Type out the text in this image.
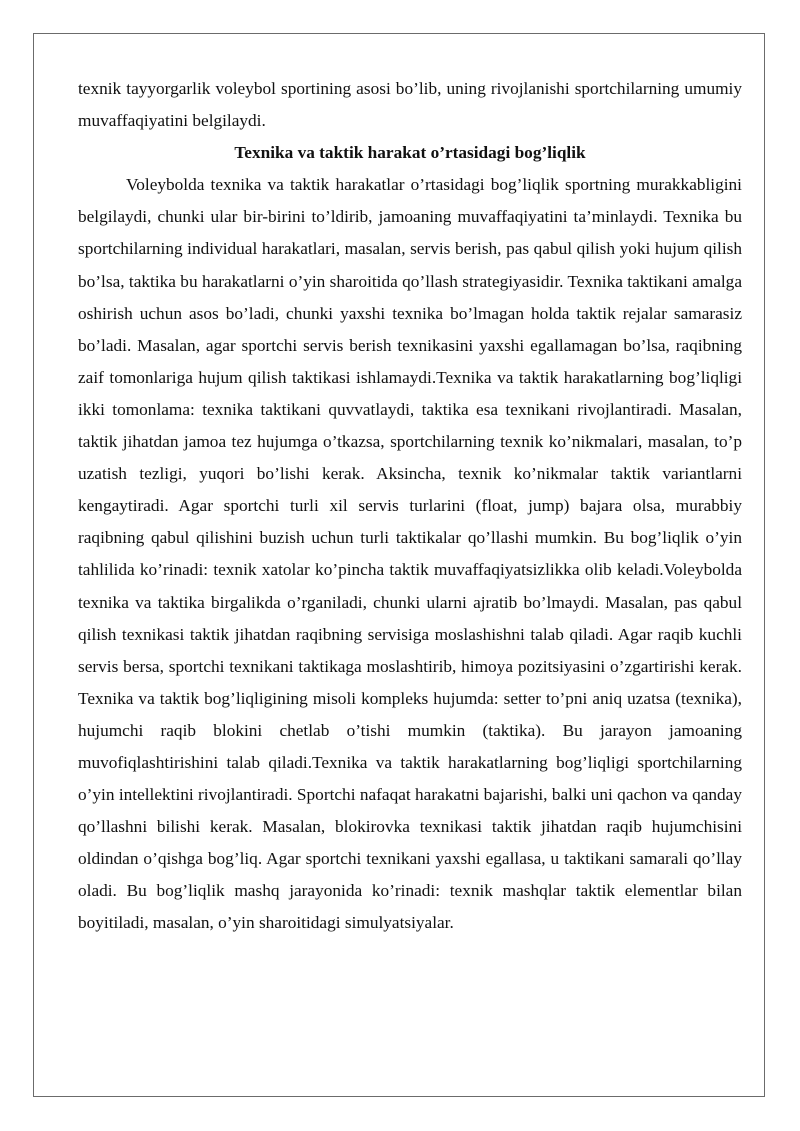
texnik tayyorgarlik voleybol sportining asosi bo’lib, uning rivojlanishi sportchilarning umumiy muvaffaqiyatini belgilaydi.

Texnika va taktik harakat o’rtasidagi bog’liqlik

Voleybolda texnika va taktik harakatlar o’rtasidagi bog’liqlik sportning murakkabligini belgilaydi, chunki ular bir-birini to’ldirib, jamoaning muvaffaqiyatini ta’minlaydi. Texnika bu sportchilarning individual harakatlari, masalan, servis berish, pas qabul qilish yoki hujum qilish bo’lsa, taktika bu harakatlarni o’yin sharoitida qo’llash strategiyasidir. Texnika taktikani amalga oshirish uchun asos bo’ladi, chunki yaxshi texnika bo’lmagan holda taktik rejalar samarasiz bo’ladi. Masalan, agar sportchi servis berish texnikasini yaxshi egallamagan bo’lsa, raqibning zaif tomonlariga hujum qilish taktikasi ishlamaydi.Texnika va taktik harakatlarning bog’liqligi ikki tomonlama: texnika taktikani quvvatlaydi, taktika esa texnikani rivojlantiradi. Masalan, taktik jihatdan jamoa tez hujumga o’tkazsa, sportchilarning texnik ko’nikmalari, masalan, to’p uzatish tezligi, yuqori bo’lishi kerak. Aksincha, texnik ko’nikmalar taktik variantlarni kengaytiradi. Agar sportchi turli xil servis turlarini (float, jump) bajara olsa, murabbiy raqibning qabul qilishini buzish uchun turli taktikalar qo’llashi mumkin. Bu bog’liqlik o’yin tahlilida ko’rinadi: texnik xatolar ko’pincha taktik muvaffaqiyatsizlikka olib keladi.Voleybolda texnika va taktika birgalikda o’rganiladi, chunki ularni ajratib bo’lmaydi. Masalan, pas qabul qilish texnikasi taktik jihatdan raqibning servisiga moslashishni talab qiladi. Agar raqib kuchli servis bersa, sportchi texnikani taktikaga moslashtirib, himoya pozitsiyasini o’zgartirishi kerak. Texnika va taktik bog’liqligining misoli kompleks hujumda: setter to’pni aniq uzatsa (texnika), hujumchi raqib blokini chetlab o’tishi mumkin (taktika). Bu jarayon jamoaning muvofiqlashtirishini talab qiladi.Texnika va taktik harakatlarning bog’liqligi sportchilarning o’yin intellektini rivojlantiradi. Sportchi nafaqat harakatni bajarishi, balki uni qachon va qanday qo’llashni bilishi kerak. Masalan, blokirovka texnikasi taktik jihatdan raqib hujumchisini oldindan o’qishga bog’liq. Agar sportchi texnikani yaxshi egallasa, u taktikani samarali qo’llay oladi. Bu bog’liqlik mashq jarayonida ko’rinadi: texnik mashqlar taktik elementlar bilan boyitiladi, masalan, o’yin sharoitidagi simulyatsiyalar.
